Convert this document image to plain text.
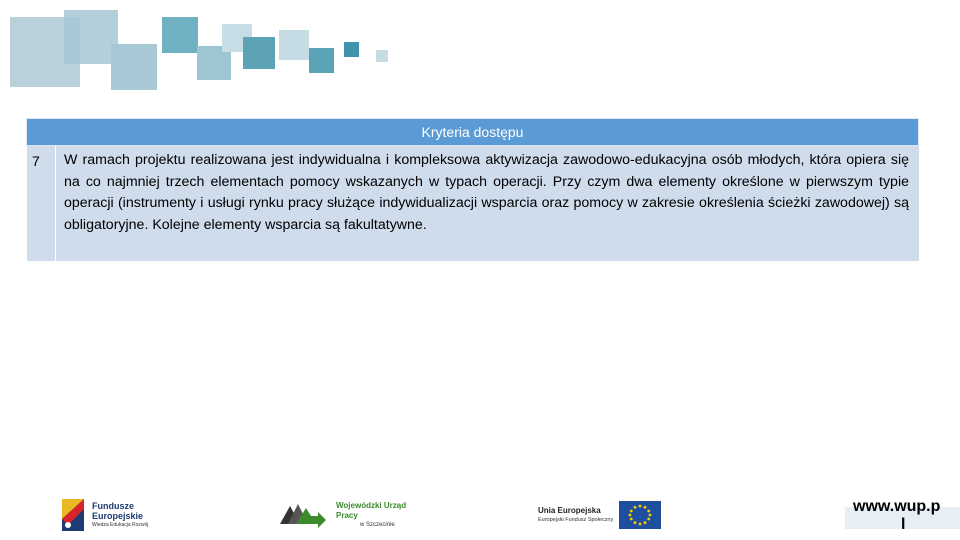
Kryteria dostępu
7	W ramach projektu realizowana jest indywidualna i kompleksowa aktywizacja zawodowo-edukacyjna osób młodych, która opiera się na co najmniej trzech elementach pomocy wskazanych w typach operacji. Przy czym dwa elementy określone w pierwszym typie operacji (instrumenty i usługi rynku pracy służące indywidualizacji wsparcia oraz pomocy w zakresie określenia ścieżki zawodowej) są obligatoryjne. Kolejne elementy wsparcia są fakultatywne.
Fundusze
Europejskie
Wiedza Edukacja Rozwój
Wojewódzki Urząd Pracy
w Szczecinie
Unia Europejska
Europejski Fundusz Społeczny
www.wup.p
l
